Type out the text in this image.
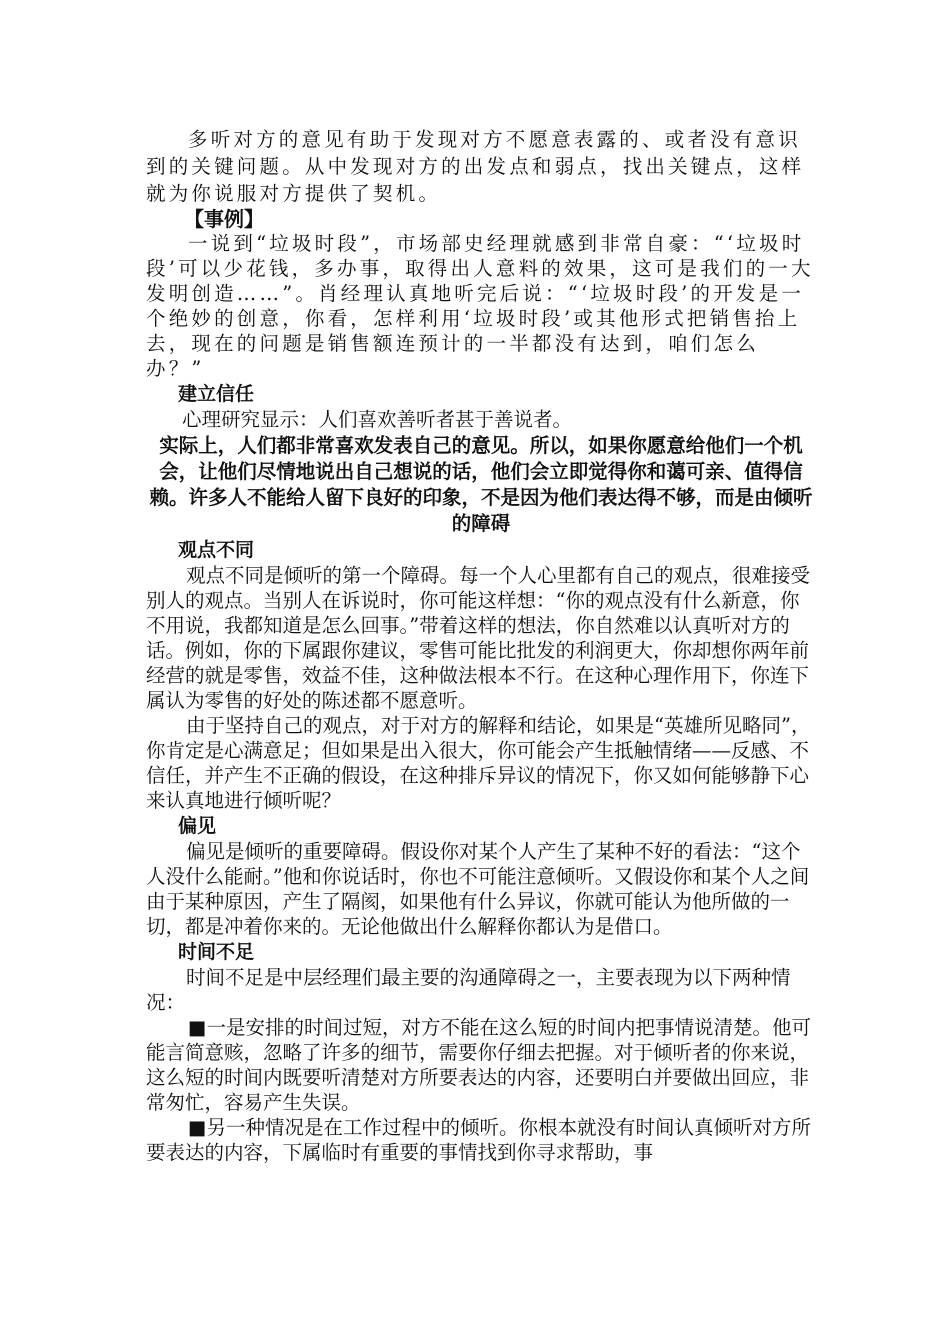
多听对方的意见有助于发现对方不愿意表露的、或者没有意识到的关键问题。从中发现对方的出发点和弱点，找出关键点，这样就为你说服对方提供了契机。

【事例】

一说到“垃圾时段”，市场部史经理就感到非常自豪：“‘垃圾时段’可以少花钱，多办事，取得出人意料的效果，这可是我们的一大发明创造……”。肖经理认真地听完后说：“‘垃圾时段’的开发是一个绝妙的创意，你看，怎样利用‘垃圾时段’或其他形式把销售抬上去，现在的问题是销售额连预计的一半都没有达到，咱们怎么办？”

建立信任

心理研究显示：人们喜欢善听者甚于善说者。

实际上，人们都非常喜欢发表自己的意见。所以，如果你愿意给他们一个机会，让他们尽情地说出自己想说的话，他们会立即觉得你和蔼可亲、值得信赖。许多人不能给人留下良好的印象，不是因为他们表达得不够，而是由倾听的障碍

观点不同

观点不同是倾听的第一个障碍。每一个人心里都有自己的观点，很难接受别人的观点。当别人在诉说时，你可能这样想：“你的观点没有什么新意，你不用说，我都知道是怎么回事。”带着这样的想法，你自然难以认真听对方的话。例如，你的下属跟你建议，零售可能比批发的利润更大，你却想你两年前经营的就是零售，效益不佳，这种做法根本不行。在这种心理作用下，你连下属认为零售的好处的陈述都不愿意听。

由于坚持自己的观点，对于对方的解释和结论，如果是“英雄所见略同”，你肯定是心满意足；但如果是出入很大，你可能会产生抵触情绪——反感、不信任，并产生不正确的假设，在这种排斥异议的情况下，你又如何能够静下心来认真地进行倾听呢？

偏见

偏见是倾听的重要障碍。假设你对某个人产生了某种不好的看法：“这个人没什么能耐。”他和你说话时，你也不可能注意倾听。又假设你和某个人之间由于某种原因，产生了隔阂，如果他有什么异议，你就可能认为他所做的一切，都是冲着你来的。无论他做出什么解释你都认为是借口。

时间不足

时间不足是中层经理们最主要的沟通障碍之一，主要表现为以下两种情况：

■一是安排的时间过短，对方不能在这么短的时间内把事情说清楚。他可能言简意赅，忽略了许多的细节，需要你仔细去把握。对于倾听者的你来说，这么短的时间内既要听清楚对方所要表达的内容，还要明白并要做出回应，非常匆忙，容易产生失误。

■另一种情况是在工作过程中的倾听。你根本就没有时间认真倾听对方所要表达的内容，下属临时有重要的事情找到你寻求帮助，事
